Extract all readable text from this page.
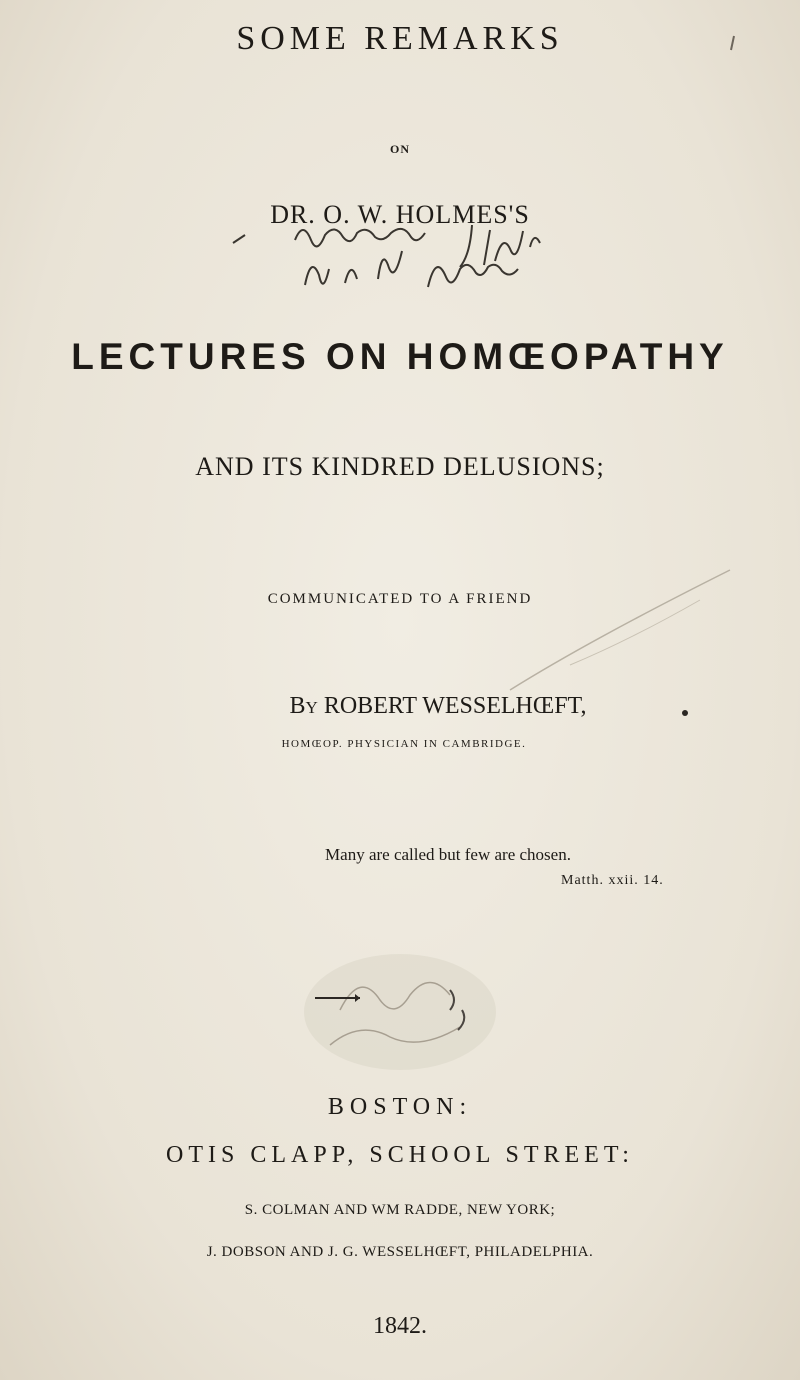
SOME REMARKS
ON
DR. O. W. HOLMES'S
LECTURES ON HOMŒOPATHY
AND ITS KINDRED DELUSIONS;
COMMUNICATED TO A FRIEND
By ROBERT WESSELHŒFT,
HOMŒOP. PHYSICIAN IN CAMBRIDGE.
Many are called but few are chosen.
Matth. xxii. 14.
BOSTON:
OTIS CLAPP, SCHOOL STREET:
S. COLMAN AND WM RADDE, NEW YORK;
J. DOBSON AND J. G. WESSELHŒFT, PHILADELPHIA.
1842.
